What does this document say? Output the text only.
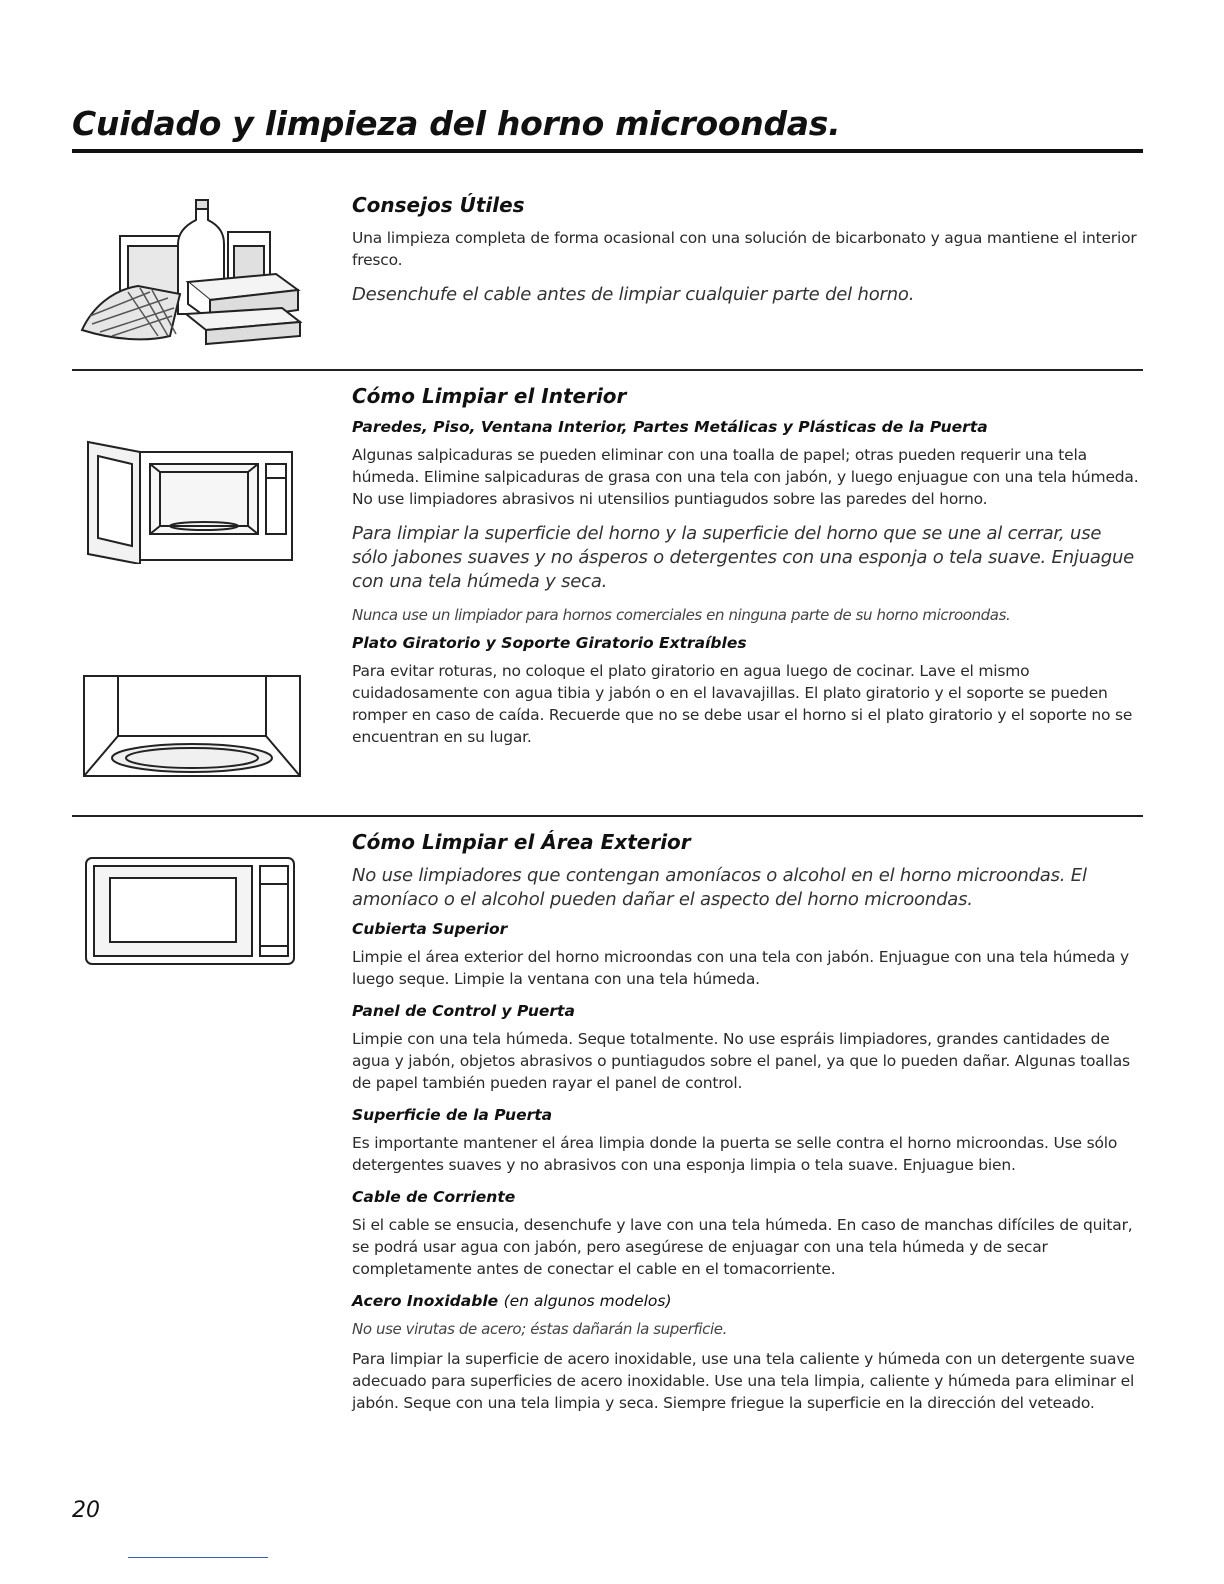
Cuidado y limpieza del horno microondas.
Consejos Útiles

Una limpieza completa de forma ocasional con una solución de bicarbonato y agua mantiene el interior fresco.

Desenchufe el cable antes de limpiar cualquier parte del horno.

Cómo Limpiar el Interior
Paredes, Piso, Ventana Interior, Partes Metálicas y Plásticas de la Puerta

Algunas salpicaduras se pueden eliminar con una toalla de papel; otras pueden requerir una tela húmeda. Elimine salpicaduras de grasa con una tela con jabón, y luego enjuague con una tela húmeda. No use limpiadores abrasivos ni utensilios puntiagudos sobre las paredes del horno.

Para limpiar la superficie del horno y la superficie del horno que se une al cerrar, use sólo jabones suaves y no ásperos o detergentes con una esponja o tela suave. Enjuague con una tela húmeda y seca.

Nunca use un limpiador para hornos comerciales en ninguna parte de su horno microondas.

Plato Giratorio y Soporte Giratorio Extraíbles

Para evitar roturas, no coloque el plato giratorio en agua luego de cocinar. Lave el mismo cuidadosamente con agua tibia y jabón o en el lavavajillas. El plato giratorio y el soporte se pueden romper en caso de caída. Recuerde que no se debe usar el horno si el plato giratorio y el soporte no se encuentran en su lugar.

Cómo Limpiar el Área Exterior

No use limpiadores que contengan amoníacos o alcohol en el horno microondas. El amoníaco o el alcohol pueden dañar el aspecto del horno microondas.

Cubierta Superior

Limpie el área exterior del horno microondas con una tela con jabón. Enjuague con una tela húmeda y luego seque. Limpie la ventana con una tela húmeda.

Panel de Control y Puerta

Limpie con una tela húmeda. Seque totalmente. No use espráis limpiadores, grandes cantidades de agua y jabón, objetos abrasivos o puntiagudos sobre el panel, ya que lo pueden dañar. Algunas toallas de papel también pueden rayar el panel de control.

Superficie de la Puerta

Es importante mantener el área limpia donde la puerta se selle contra el horno microondas. Use sólo detergentes suaves y no abrasivos con una esponja limpia o tela suave. Enjuague bien.

Cable de Corriente

Si el cable se ensucia, desenchufe y lave con una tela húmeda. En caso de manchas difíciles de quitar, se podrá usar agua con jabón, pero asegúrese de enjuagar con una tela húmeda y de secar completamente antes de conectar el cable en el tomacorriente.

Acero Inoxidable (en algunos modelos)

No use virutas de acero; éstas dañarán la superficie.

Para limpiar la superficie de acero inoxidable, use una tela caliente y húmeda con un detergente suave adecuado para superficies de acero inoxidable. Use una tela limpia, caliente y húmeda para eliminar el jabón. Seque con una tela limpia y seca. Siempre friegue la superficie en la dirección del veteado.

20
